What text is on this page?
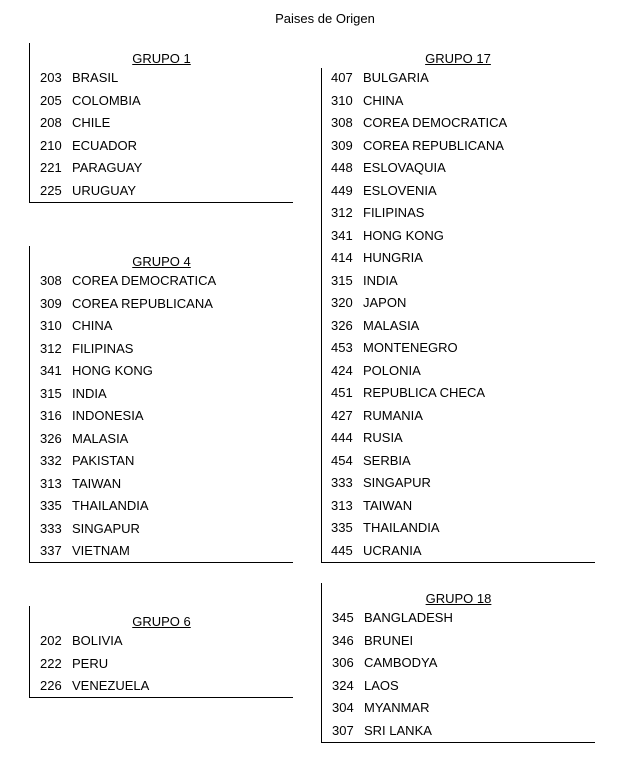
Paises de Origen
GRUPO 1
203 BRASIL
205 COLOMBIA
208 CHILE
210 ECUADOR
221 PARAGUAY
225 URUGUAY
GRUPO 4
308 COREA DEMOCRATICA
309 COREA REPUBLICANA
310 CHINA
312 FILIPINAS
341 HONG KONG
315 INDIA
316 INDONESIA
326 MALASIA
332 PAKISTAN
313 TAIWAN
335 THAILANDIA
333 SINGAPUR
337 VIETNAM
GRUPO 6
202 BOLIVIA
222 PERU
226 VENEZUELA
GRUPO 17
407 BULGARIA
310 CHINA
308 COREA DEMOCRATICA
309 COREA REPUBLICANA
448 ESLOVAQUIA
449 ESLOVENIA
312 FILIPINAS
341 HONG KONG
414 HUNGRIA
315 INDIA
320 JAPON
326 MALASIA
453 MONTENEGRO
424 POLONIA
451 REPUBLICA CHECA
427 RUMANIA
444 RUSIA
454 SERBIA
333 SINGAPUR
313 TAIWAN
335 THAILANDIA
445 UCRANIA
GRUPO 18
345 BANGLADESH
346 BRUNEI
306 CAMBODYA
324 LAOS
304 MYANMAR
307 SRI LANKA
